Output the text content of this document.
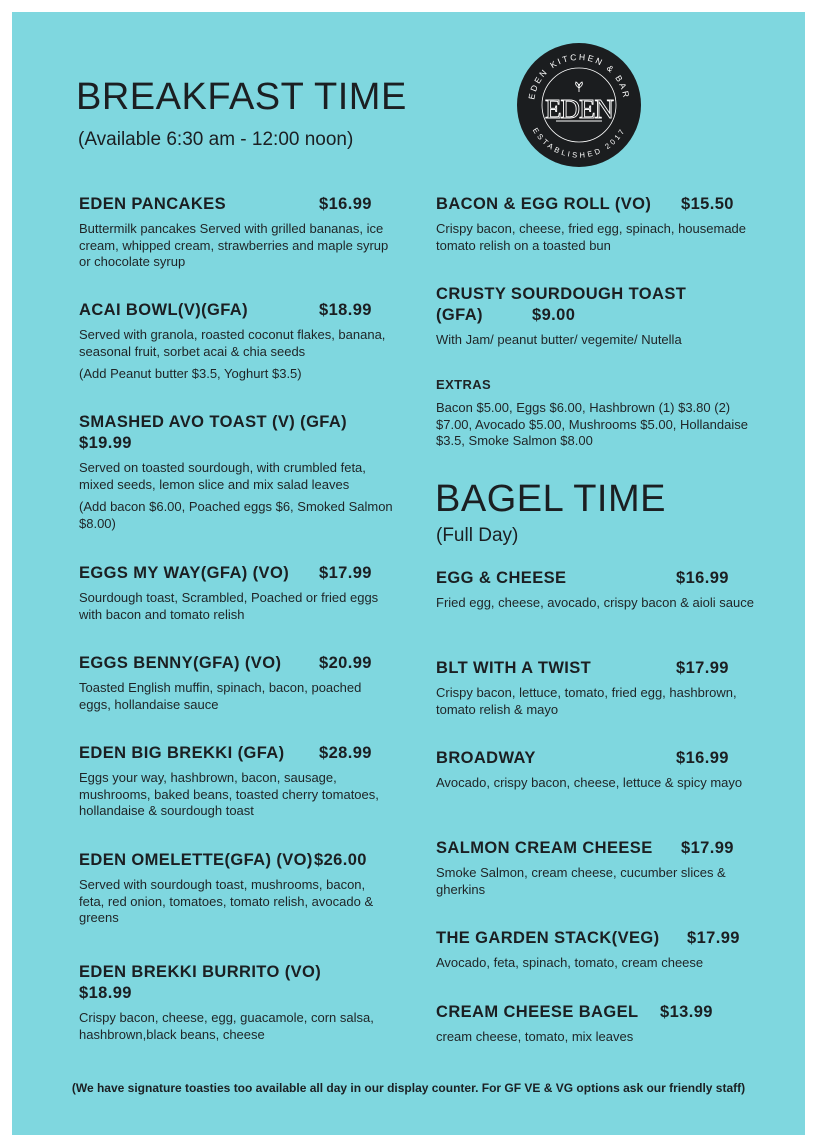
BREAKFAST TIME

(Available 6:30 am - 12:00 noon)

EDEN KITCHEN & BAR
ESTABLISHED 2017
EDEN

EDEN PANCAKES	$16.99

Buttermilk pancakes Served with grilled bananas, ice cream, whipped cream, strawberries and maple syrup or chocolate syrup

ACAI BOWL(V)(GFA)	$18.99

Served with granola, roasted coconut flakes, banana, seasonal fruit, sorbet acai & chia seeds

(Add Peanut butter $3.5, Yoghurt $3.5)

SMASHED AVO TOAST (V) (GFA)
$19.99

Served on toasted sourdough, with crumbled feta, mixed seeds, lemon slice and mix salad leaves

(Add bacon $6.00, Poached eggs $6, Smoked Salmon $8.00)

EGGS MY WAY(GFA) (VO) $17.99

Sourdough toast, Scrambled, Poached or fried eggs with bacon and tomato relish

EGGS BENNY(GFA) (VO) $20.99

Toasted English muffin, spinach, bacon, poached eggs, hollandaise sauce

EDEN BIG BREKKI (GFA) $28.99

Eggs your way, hashbrown, bacon, sausage, mushrooms, baked beans, toasted cherry tomatoes, hollandaise & sourdough toast

EDEN OMELETTE(GFA) (VO) $26.00

Served with sourdough toast, mushrooms, bacon, feta, red onion, tomatoes, tomato relish, avocado & greens

EDEN BREKKI BURRITO (VO)
$18.99

Crispy bacon, cheese, egg, guacamole, corn salsa, hashbrown,black beans, cheese

BACON & EGG ROLL (VO) $15.50

Crispy bacon, cheese, fried egg, spinach, housemade tomato relish on a toasted bun

CRUSTY SOURDOUGH TOAST (GFA)	$9.00

With Jam/ peanut butter/ vegemite/ Nutella

EXTRAS

Bacon $5.00, Eggs $6.00, Hashbrown (1) $3.80 (2) $7.00, Avocado $5.00, Mushrooms $5.00, Hollandaise $3.5, Smoke Salmon $8.00

BAGEL TIME

(Full Day)

EGG & CHEESE	$16.99

Fried egg, cheese, avocado, crispy bacon & aioli sauce

BLT WITH A TWIST	$17.99

Crispy bacon, lettuce, tomato, fried egg, hashbrown, tomato relish & mayo

BROADWAY	$16.99

Avocado, crispy bacon, cheese, lettuce & spicy mayo

SALMON CREAM CHEESE $17.99

Smoke Salmon, cream cheese, cucumber slices & gherkins

THE GARDEN STACK(VEG) $17.99

Avocado, feta, spinach, tomato, cream cheese

CREAM CHEESE BAGEL $13.99

cream cheese, tomato, mix leaves

(We have signature toasties too available all day in our display counter. For GF VE & VG options ask our friendly staff)
